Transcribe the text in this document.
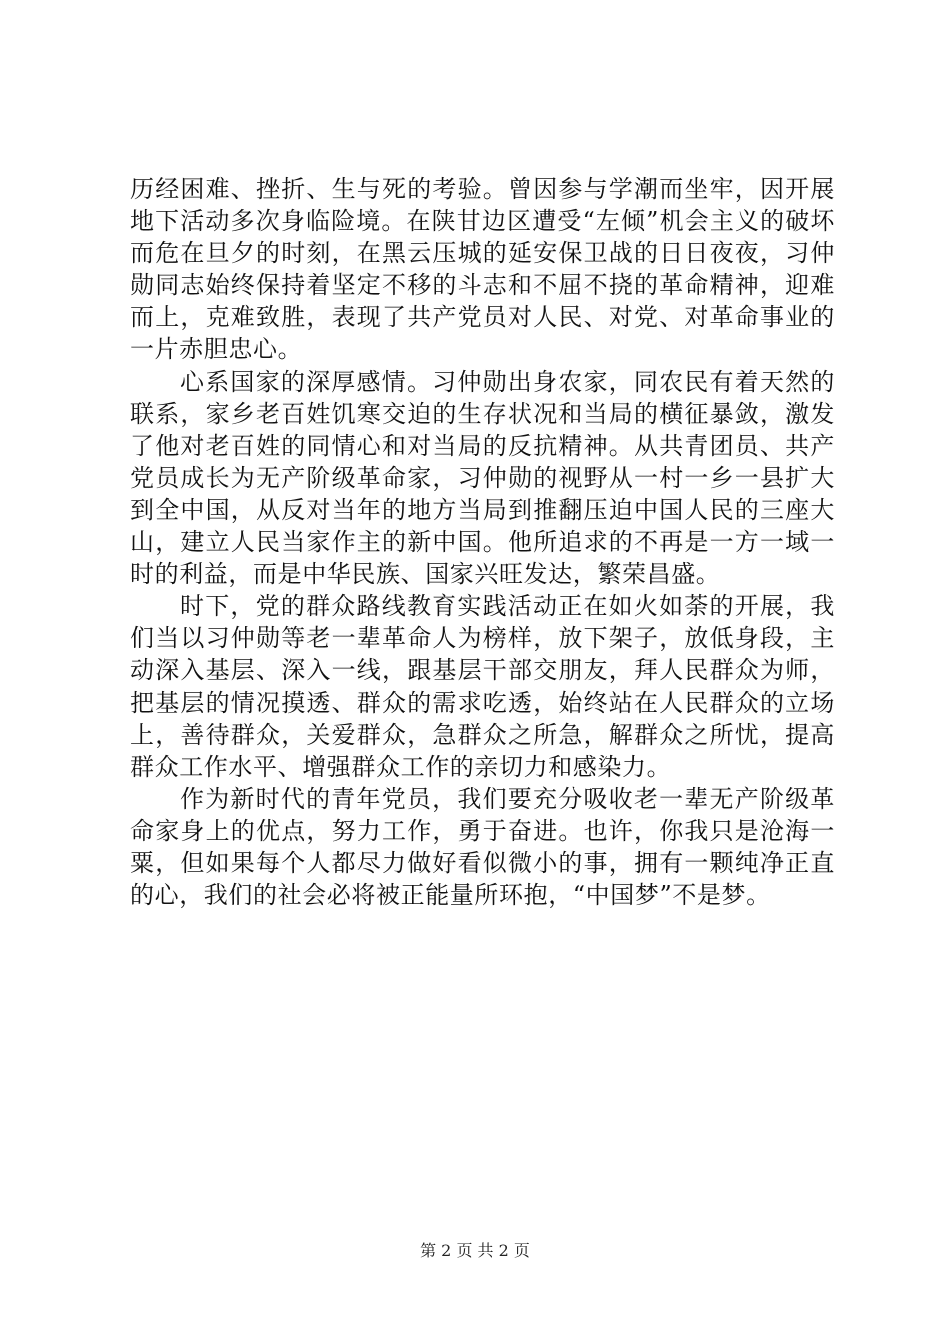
历经困难、挫折、生与死的考验。曾因参与学潮而坐牢，因开展地下活动多次身临险境。在陕甘边区遭受“左倾”机会主义的破坏而危在旦夕的时刻，在黑云压城的延安保卫战的日日夜夜，习仲勋同志始终保持着坚定不移的斗志和不屈不挠的革命精神，迎难而上，克难致胜，表现了共产党员对人民、对党、对革命事业的一片赤胆忠心。

心系国家的深厚感情。习仲勋出身农家，同农民有着天然的联系，家乡老百姓饥寒交迫的生存状况和当局的横征暴敛，激发了他对老百姓的同情心和对当局的反抗精神。从共青团员、共产党员成长为无产阶级革命家，习仲勋的视野从一村一乡一县扩大到全中国，从反对当年的地方当局到推翻压迫中国人民的三座大山，建立人民当家作主的新中国。他所追求的不再是一方一域一时的利益，而是中华民族、国家兴旺发达，繁荣昌盛。

时下，党的群众路线教育实践活动正在如火如荼的开展，我们当以习仲勋等老一辈革命人为榜样，放下架子，放低身段，主动深入基层、深入一线，跟基层干部交朋友，拜人民群众为师，把基层的情况摸透、群众的需求吃透，始终站在人民群众的立场上，善待群众，关爱群众，急群众之所急，解群众之所忧，提高群众工作水平、增强群众工作的亲切力和感染力。

作为新时代的青年党员，我们要充分吸收老一辈无产阶级革命家身上的优点，努力工作，勇于奋进。也许，你我只是沧海一粟，但如果每个人都尽力做好看似微小的事，拥有一颗纯净正直的心，我们的社会必将被正能量所环抱，“中国梦”不是梦。

第 2 页 共 2 页
